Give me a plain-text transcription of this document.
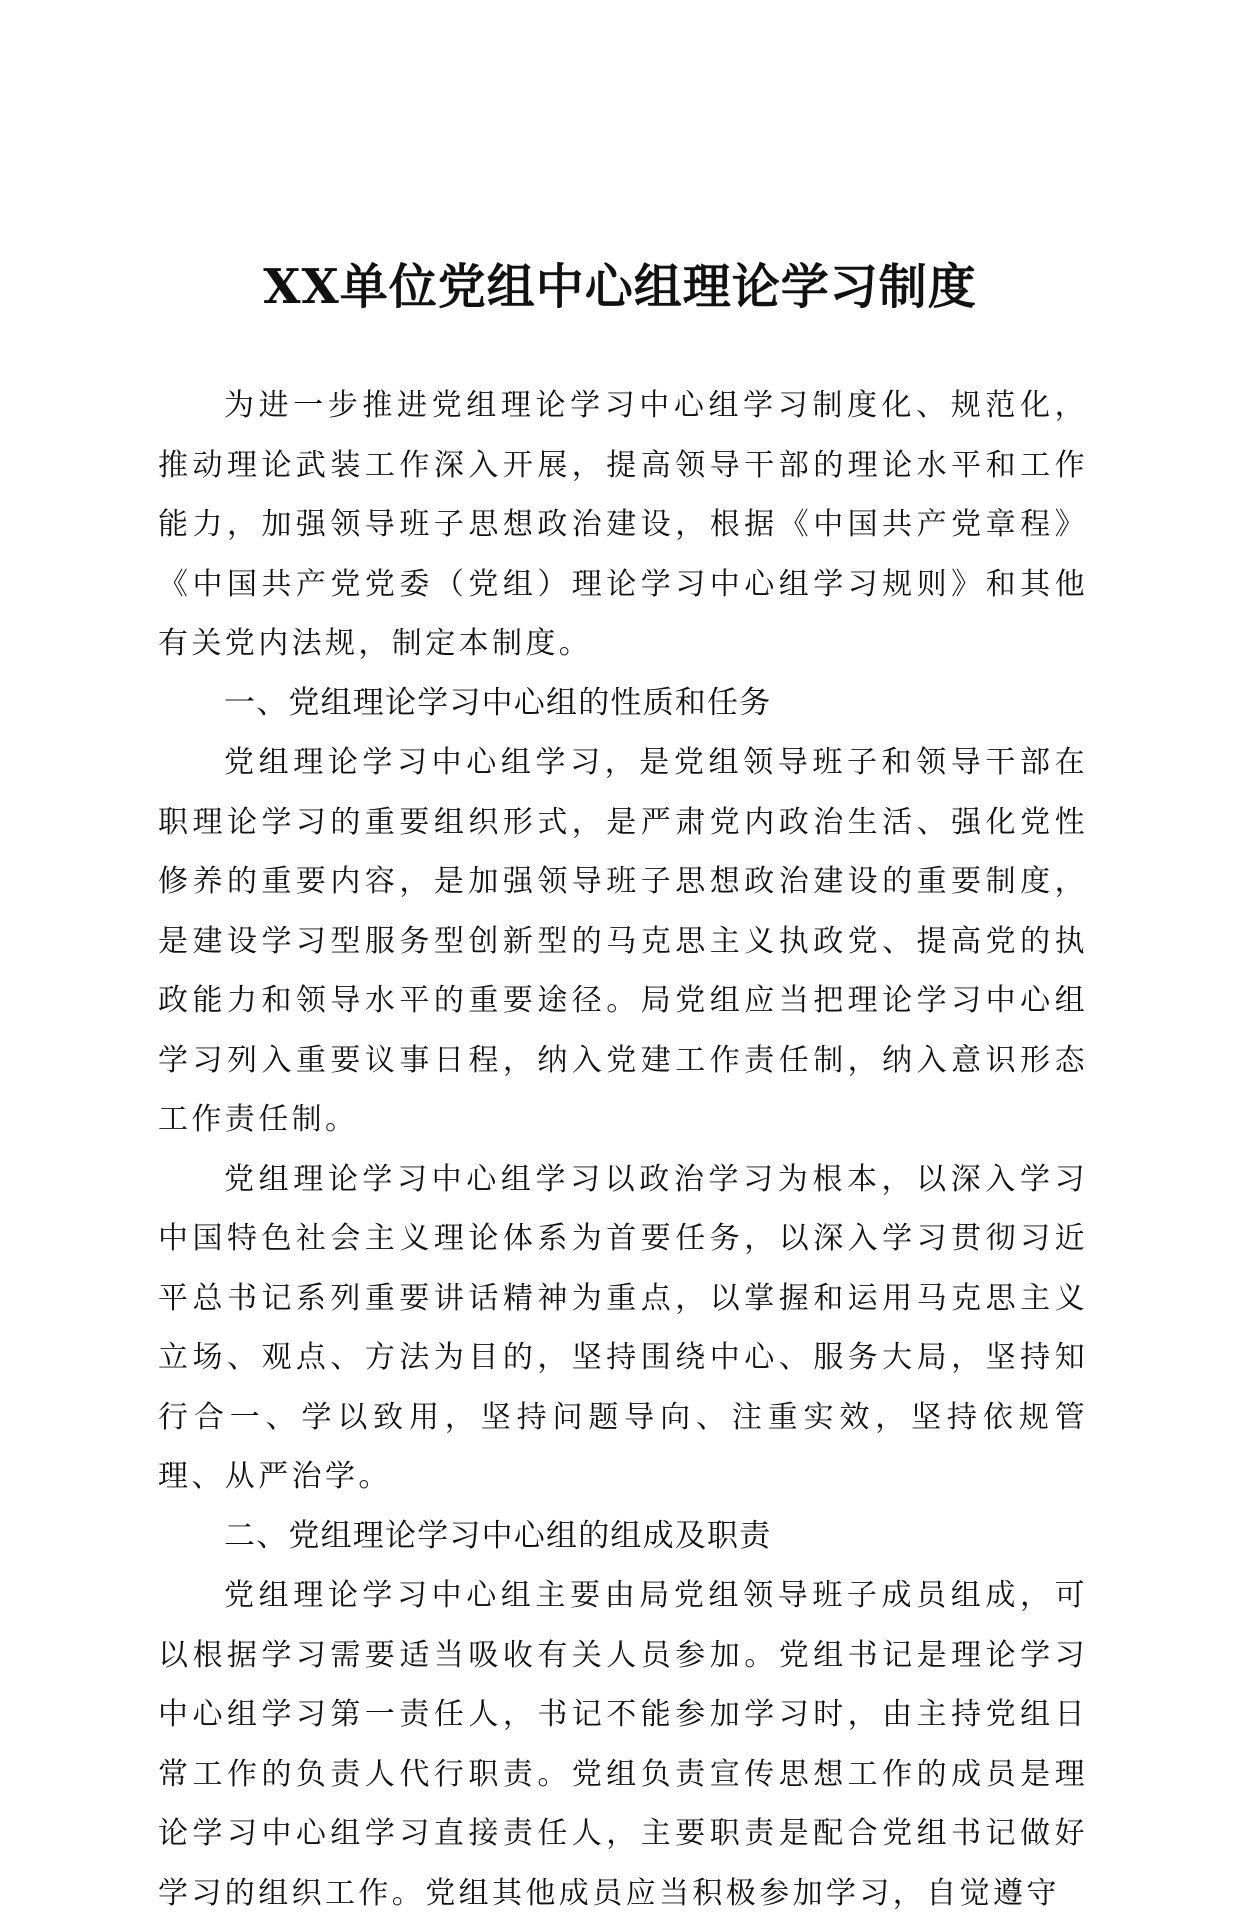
XX单位党组中心组理论学习制度

为进一步推进党组理论学习中心组学习制度化、规范化，推动理论武装工作深入开展，提高领导干部的理论水平和工作能力，加强领导班子思想政治建设，根据《中国共产党章程》《中国共产党党委（党组）理论学习中心组学习规则》和其他有关党内法规，制定本制度。

一、党组理论学习中心组的性质和任务

党组理论学习中心组学习，是党组领导班子和领导干部在职理论学习的重要组织形式，是严肃党内政治生活、强化党性修养的重要内容，是加强领导班子思想政治建设的重要制度，是建设学习型服务型创新型的马克思主义执政党、提高党的执政能力和领导水平的重要途径。局党组应当把理论学习中心组学习列入重要议事日程，纳入党建工作责任制，纳入意识形态工作责任制。

党组理论学习中心组学习以政治学习为根本，以深入学习中国特色社会主义理论体系为首要任务，以深入学习贯彻习近平总书记系列重要讲话精神为重点，以掌握和运用马克思主义立场、观点、方法为目的，坚持围绕中心、服务大局，坚持知行合一、学以致用，坚持问题导向、注重实效，坚持依规管理、从严治学。

二、党组理论学习中心组的组成及职责

党组理论学习中心组主要由局党组领导班子成员组成，可以根据学习需要适当吸收有关人员参加。党组书记是理论学习中心组学习第一责任人，书记不能参加学习时，由主持党组日常工作的负责人代行职责。党组负责宣传思想工作的成员是理论学习中心组学习直接责任人，主要职责是配合党组书记做好学习的组织工作。党组其他成员应当积极参加学习，自觉遵守
